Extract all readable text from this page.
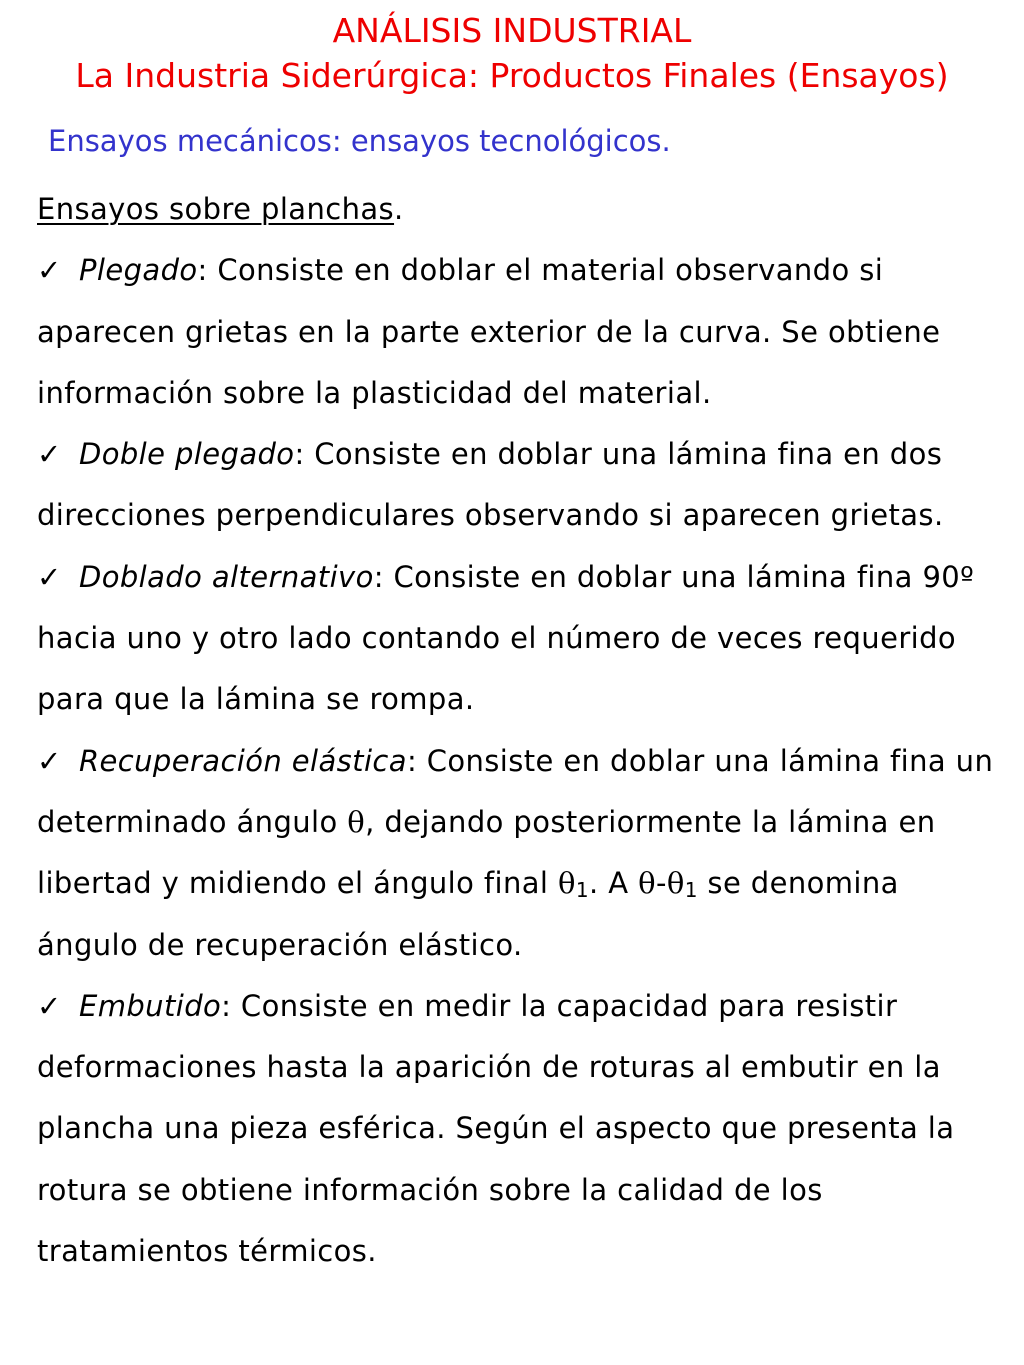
ANÁLISIS INDUSTRIAL
La Industria Siderúrgica: Productos Finales (Ensayos)
Ensayos mecánicos: ensayos tecnológicos.

Ensayos sobre planchas.

✓ Plegado: Consiste en doblar el material observando si aparecen grietas en la parte exterior de la curva. Se obtiene información sobre la plasticidad del material.

✓ Doble plegado: Consiste en doblar una lámina fina en dos direcciones perpendiculares observando si aparecen grietas.

✓ Doblado alternativo: Consiste en doblar una lámina fina 90º hacia uno y otro lado contando el número de veces requerido para que la lámina se rompa.

✓ Recuperación elástica: Consiste en doblar una lámina fina un determinado ángulo θ, dejando posteriormente la lámina en libertad y midiendo el ángulo final $\theta_1$. A $\theta-\theta_1$ se denomina ángulo de recuperación elástico.

✓ Embutido: Consiste en medir la capacidad para resistir deformaciones hasta la aparición de roturas al embutir en la plancha una pieza esférica. Según el aspecto que presenta la rotura se obtiene información sobre la calidad de los tratamientos térmicos.
